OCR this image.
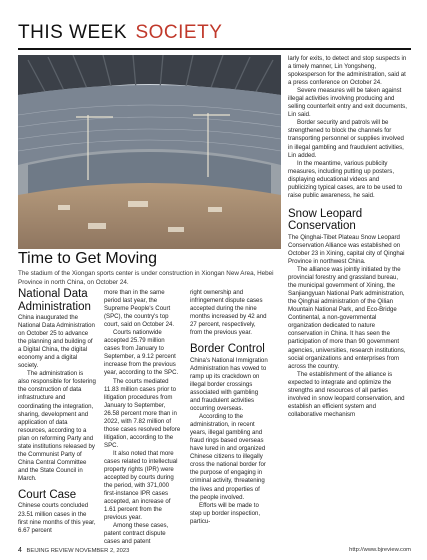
THIS WEEK SOCIETY
Time to Get Moving
The stadium of the Xiongan sports center is under construction in Xiongan New Area, Hebei Province in north China, on October 24.
National Data Administration

China inaugurated the National Data Administration on October 25 to advance the planning and building of a Digital China, the digital economy and a digital society.

The administration is also responsible for fostering the construction of data infrastructure and coordinating the integration, sharing, development and application of data resources, according to a plan on reforming Party and state institutions released by the Communist Party of China Central Committee and the State Council in March.

Court Case

Chinese courts concluded 23.51 million cases in the first nine months of this year, 6.67 percent

more than in the same period last year, the Supreme People's Court (SPC), the country's top court, said on October 24.

Courts nationwide accepted 25.79 million cases from January to September, a 9.12 percent increase from the previous year, according to the SPC.

The courts mediated 11.83 million cases prior to litigation procedures from January to September, 26.58 percent more than in 2022, with 7.82 million of those cases resolved before litigation, according to the SPC.

It also noted that more cases related to intellectual property rights (IPR) were accepted by courts during the period, with 371,000 first-instance IPR cases accepted, an increase of 1.61 percent from the previous year.

Among these cases, patent contract dispute cases and patent

right ownership and infringement dispute cases accepted during the nine months increased by 42 and 27 percent, respectively, from the previous year.

Border Control

China's National Immigration Administration has vowed to ramp up its crackdown on illegal border crossings associated with gambling and fraudulent activities occurring overseas.

According to the administration, in recent years, illegal gambling and fraud rings based overseas have lured in and organized Chinese citizens to illegally cross the national border for the purpose of engaging in criminal activity, threatening the lives and properties of the people involved.

Efforts will be made to step up border inspection, particu-

larly for exits, to detect and stop suspects in a timely manner, Lin Yongsheng, spokesperson for the administration, said at a press conference on October 24.

Severe measures will be taken against illegal activities involving producing and selling counterfeit entry and exit documents, Lin said.

Border security and patrols will be strengthened to block the channels for transporting personnel or supplies involved in illegal gambling and fraudulent activities, Lin added.

In the meantime, various publicity measures, including putting up posters, displaying educational videos and publicizing typical cases, are to be used to raise public awareness, he said.

Snow Leopard Conservation

The Qinghai-Tibet Plateau Snow Leopard Conservation Alliance was established on October 23 in Xining, capital city of Qinghai Province in northwest China.

The alliance was jointly initiated by the provincial forestry and grassland bureau, the municipal government of Xining, the Sanjiangyuan National Park administration, the Qinghai administration of the Qilian Mountain National Park, and Eco-Bridge Continental, a non-governmental organization dedicated to nature conservation in China. It has seen the participation of more than 90 government agencies, universities, research institutions, social organizations and enterprises from across the country.

The establishment of the alliance is expected to integrate and optimize the strengths and resources of all parties involved in snow leopard conservation, and establish an efficient system and collaborative mechanism

4 BEIJING REVIEW NOVEMBER 2, 2023	http://www.bjreview.com
